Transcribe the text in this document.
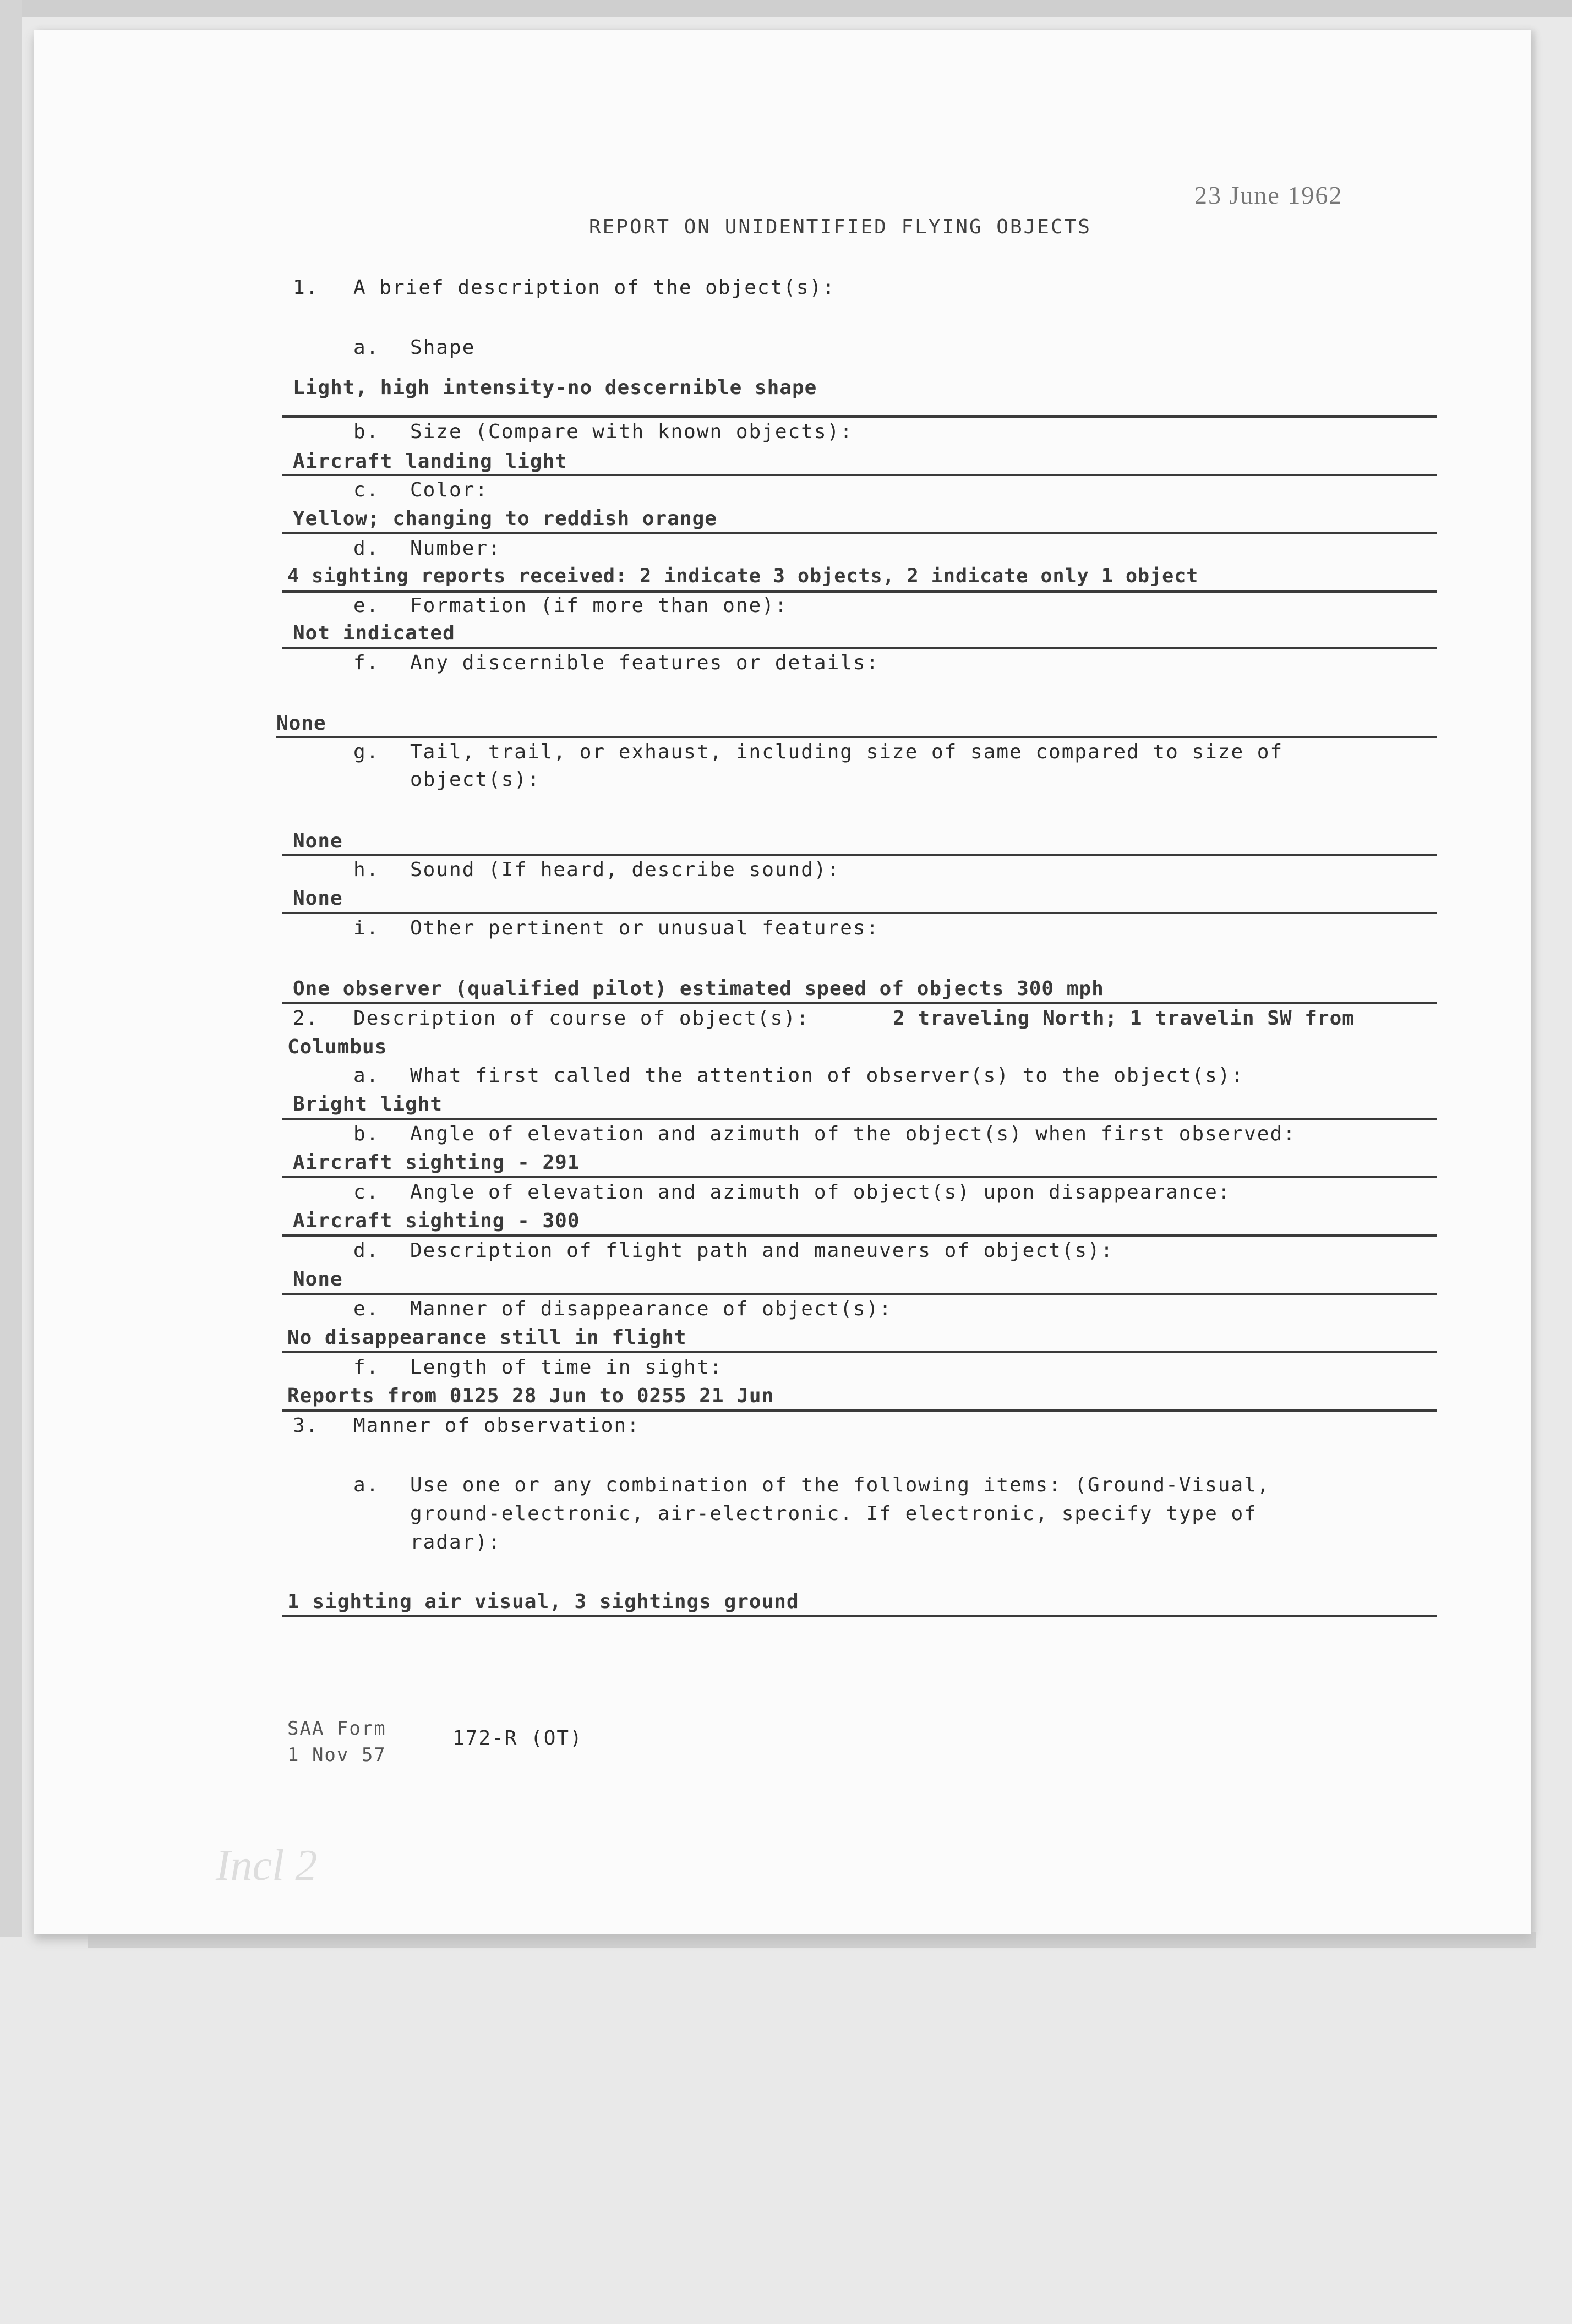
23 June 1962
REPORT ON UNIDENTIFIED FLYING OBJECTS
1. A brief description of the object(s):
a. Shape
Light, high intensity-no descernible shape
b. Size (Compare with known objects):
Aircraft landing light
c. Color:
Yellow; changing to reddish orange
d. Number:
4 sighting reports received: 2 indicate 3 objects, 2 indicate only 1 object
e. Formation (if more than one):
Not indicated
f. Any discernible features or details:
None
g. Tail, trail, or exhaust, including size of same compared to size of
object(s):
None
h. Sound (If heard, describe sound):
None
i. Other pertinent or unusual features:
One observer (qualified pilot) estimated speed of objects 300 mph
2. Description of course of object(s):	2 traveling North; 1 travelin SW from
Columbus
a. What first called the attention of observer(s) to the object(s):
Bright light
b. Angle of elevation and azimuth of the object(s) when first observed:
Aircraft sighting - 291
c. Angle of elevation and azimuth of object(s) upon disappearance:
Aircraft sighting - 300
d. Description of flight path and maneuvers of object(s):
None
e. Manner of disappearance of object(s):
No disappearance still in flight
f. Length of time in sight:
Reports from 0125 28 Jun to 0255 21 Jun
3. Manner of observation:
a. Use one or any combination of the following items: (Ground-Visual,
ground-electronic, air-electronic. If electronic, specify type of
radar):
1 sighting air visual, 3 sightings ground
SAA Form
1 Nov 57
172-R (OT)
Incl 2
